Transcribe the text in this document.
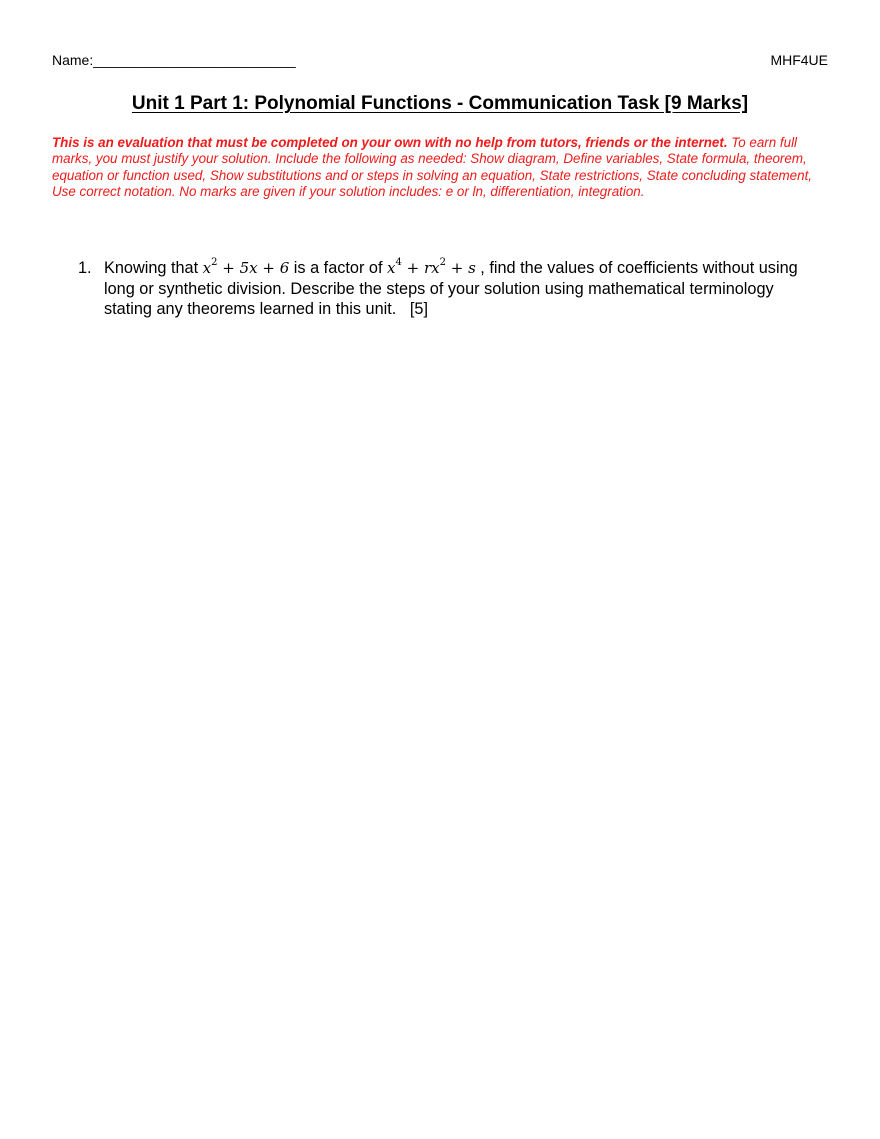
Name:__________________________	MHF4UE
Unit 1 Part 1: Polynomial Functions - Communication Task [9 Marks]
This is an evaluation that must be completed on your own with no help from tutors, friends or the internet. To earn full marks, you must justify your solution. Include the following as needed: Show diagram, Define variables, State formula, theorem, equation or function used, Show substitutions and or steps in solving an equation, State restrictions, State concluding statement, Use correct notation. No marks are given if your solution includes: e or ln, differentiation, integration.
1. Knowing that $x^2 + 5x + 6$ is a factor of $x^4 + rx^2 + s$ , find the values of coefficients without using long or synthetic division. Describe the steps of your solution using mathematical terminology stating any theorems learned in this unit. [5]
